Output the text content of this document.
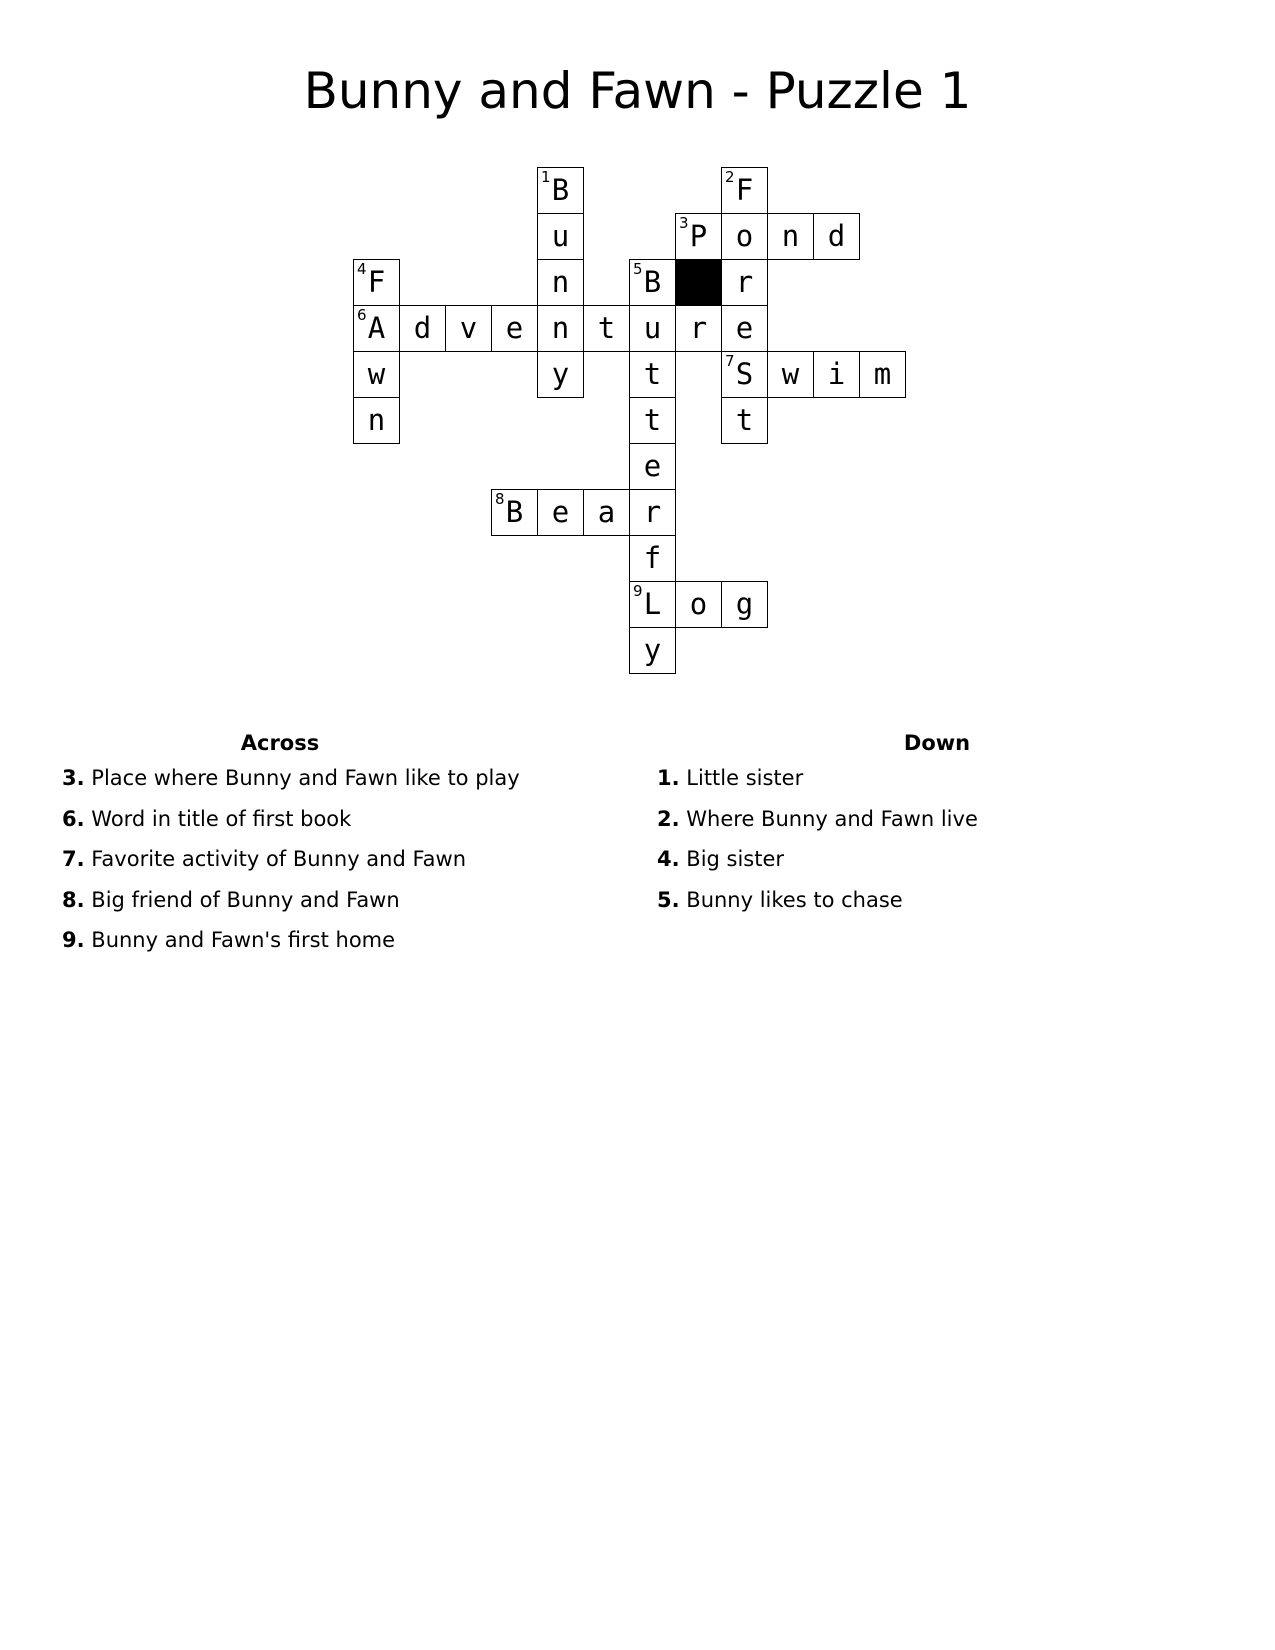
Bunny and Fawn - Puzzle 1
1 B
u
n
n
y
2 F
o
r
e
7 S
t
3 P	n d
4 F
6 A
w
n
d v e	t	r
5 B
u
t
t
e
r
f
9 L
y
w i m
8 B e a
o g
Across
3. Place where Bunny and Fawn like to play
6. Word in title of first book
7. Favorite activity of Bunny and Fawn
8. Big friend of Bunny and Fawn
9. Bunny and Fawn's first home
Down
1. Little sister
2. Where Bunny and Fawn live
4. Big sister
5. Bunny likes to chase
